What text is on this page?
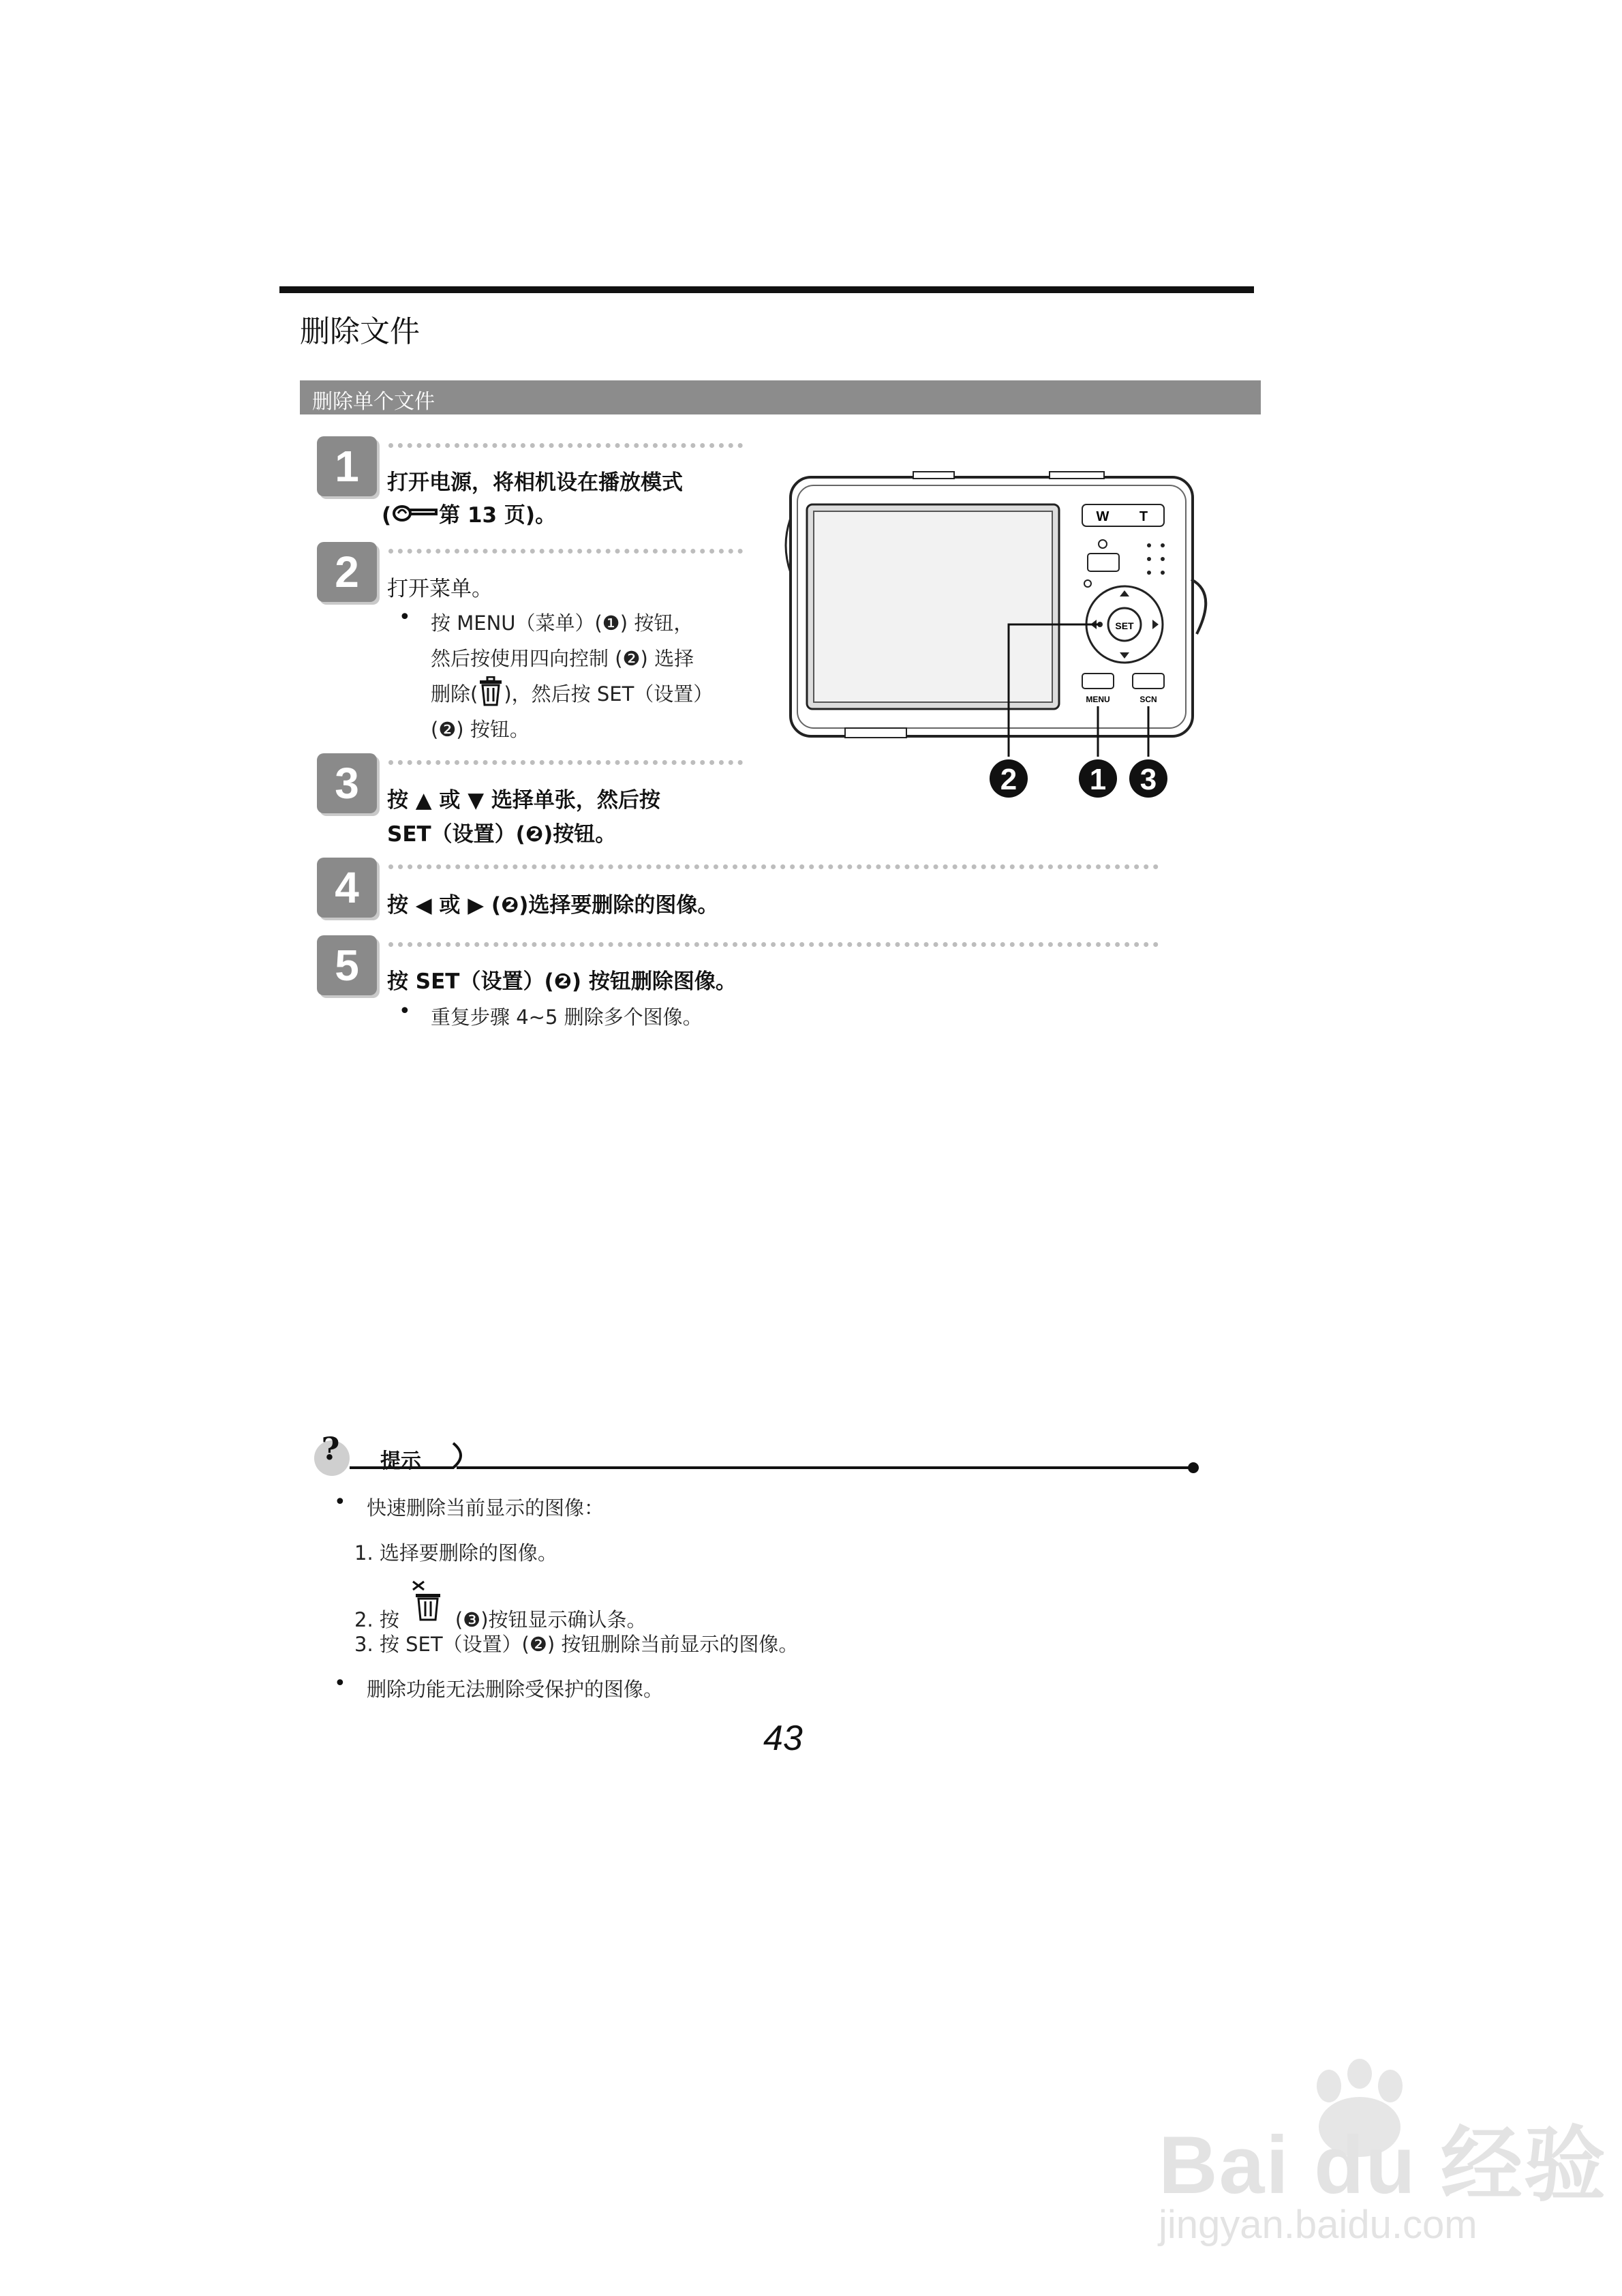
删除文件
删除单个文件
1	打开电源，将相机设在播放模式
( 第 13 页)。
2	打开菜单。
• 按 MENU（菜单）(❶) 按钮，
然后按使用四向控制 (❷) 选择
删除( )，然后按 SET（设置）
(❷) 按钮。
W T
SET
MENU	SCN
2 1 3
❷	❶	❸
3	按 ▲ 或 ▼ 选择单张，然后按
SET（设置）(❷)按钮。
4	按 ◀ 或 ▶ (❷)选择要删除的图像。
5	按 SET（设置）(❷) 按钮删除图像。
• 重复步骤 4~5 删除多个图像。
? 提示
• 快速删除当前显示的图像：
1. 选择要删除的图像。
2. 按	(❸)按钮显示确认条。
3. 按 SET（设置）(❷) 按钮删除当前显示的图像。
• 删除功能无法删除受保护的图像。
43
Bai du 经验
jingyan.baidu.com
